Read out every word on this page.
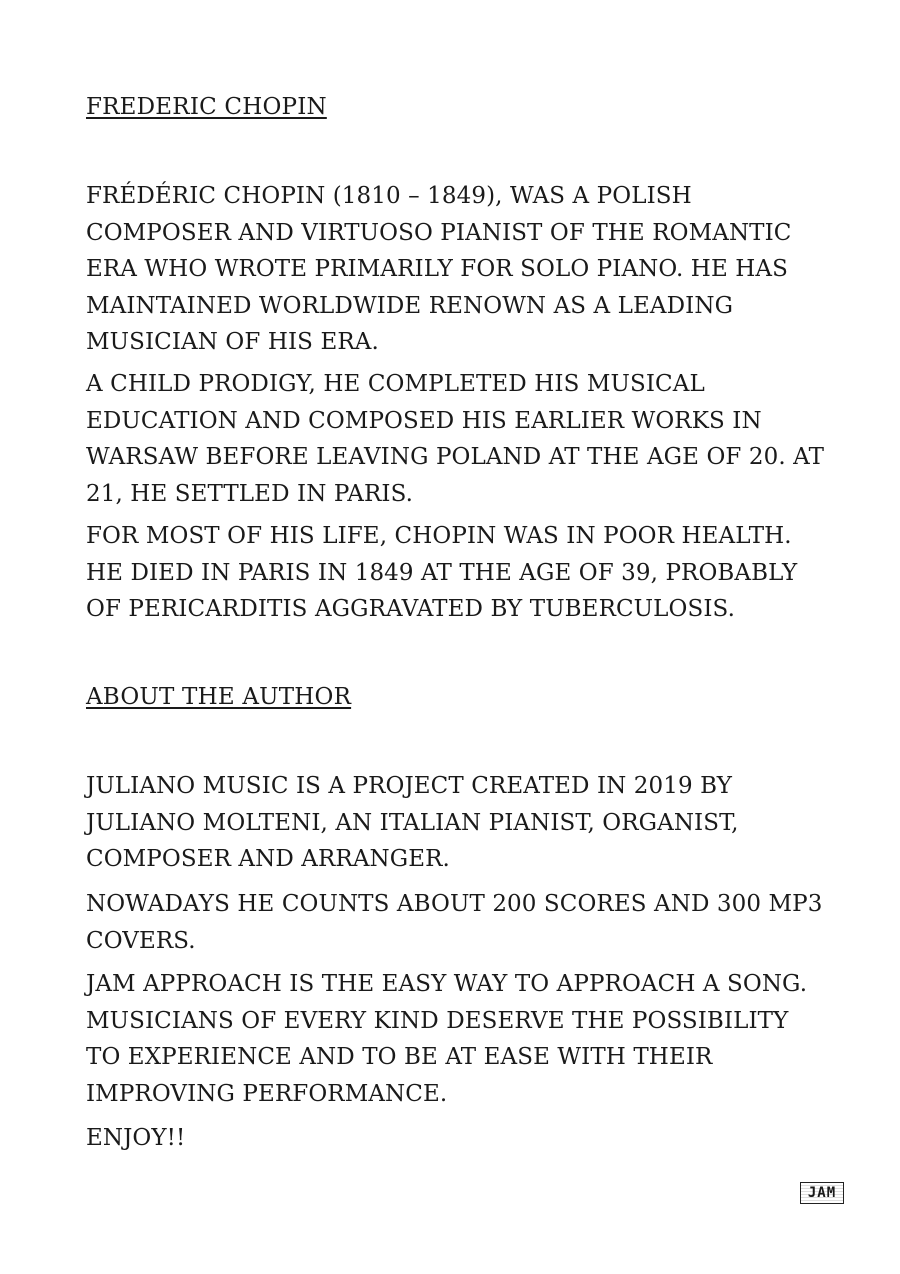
FREDERIC CHOPIN

FRÉDÉRIC CHOPIN (1810 – 1849), WAS A POLISH COMPOSER AND VIRTUOSO PIANIST OF THE ROMANTIC ERA WHO WROTE PRIMARILY FOR SOLO PIANO. HE HAS MAINTAINED WORLDWIDE RENOWN AS A LEADING MUSICIAN OF HIS ERA.

A CHILD PRODIGY, HE COMPLETED HIS MUSICAL EDUCATION AND COMPOSED HIS EARLIER WORKS IN WARSAW BEFORE LEAVING POLAND AT THE AGE OF 20. AT 21, HE SETTLED IN PARIS.

FOR MOST OF HIS LIFE, CHOPIN WAS IN POOR HEALTH. HE DIED IN PARIS IN 1849 AT THE AGE OF 39, PROBABLY OF PERICARDITIS AGGRAVATED BY TUBERCULOSIS.

ABOUT THE AUTHOR

JULIANO MUSIC IS A PROJECT CREATED IN 2019 BY JULIANO MOLTENI, AN ITALIAN PIANIST, ORGANIST, COMPOSER AND ARRANGER.

NOWADAYS HE COUNTS ABOUT 200 SCORES AND 300 MP3 COVERS.

JAM APPROACH IS THE EASY WAY TO APPROACH A SONG. MUSICIANS OF EVERY KIND DESERVE THE POSSIBILITY TO EXPERIENCE AND TO BE AT EASE WITH THEIR IMPROVING PERFORMANCE.

ENJOY!!

JAM
